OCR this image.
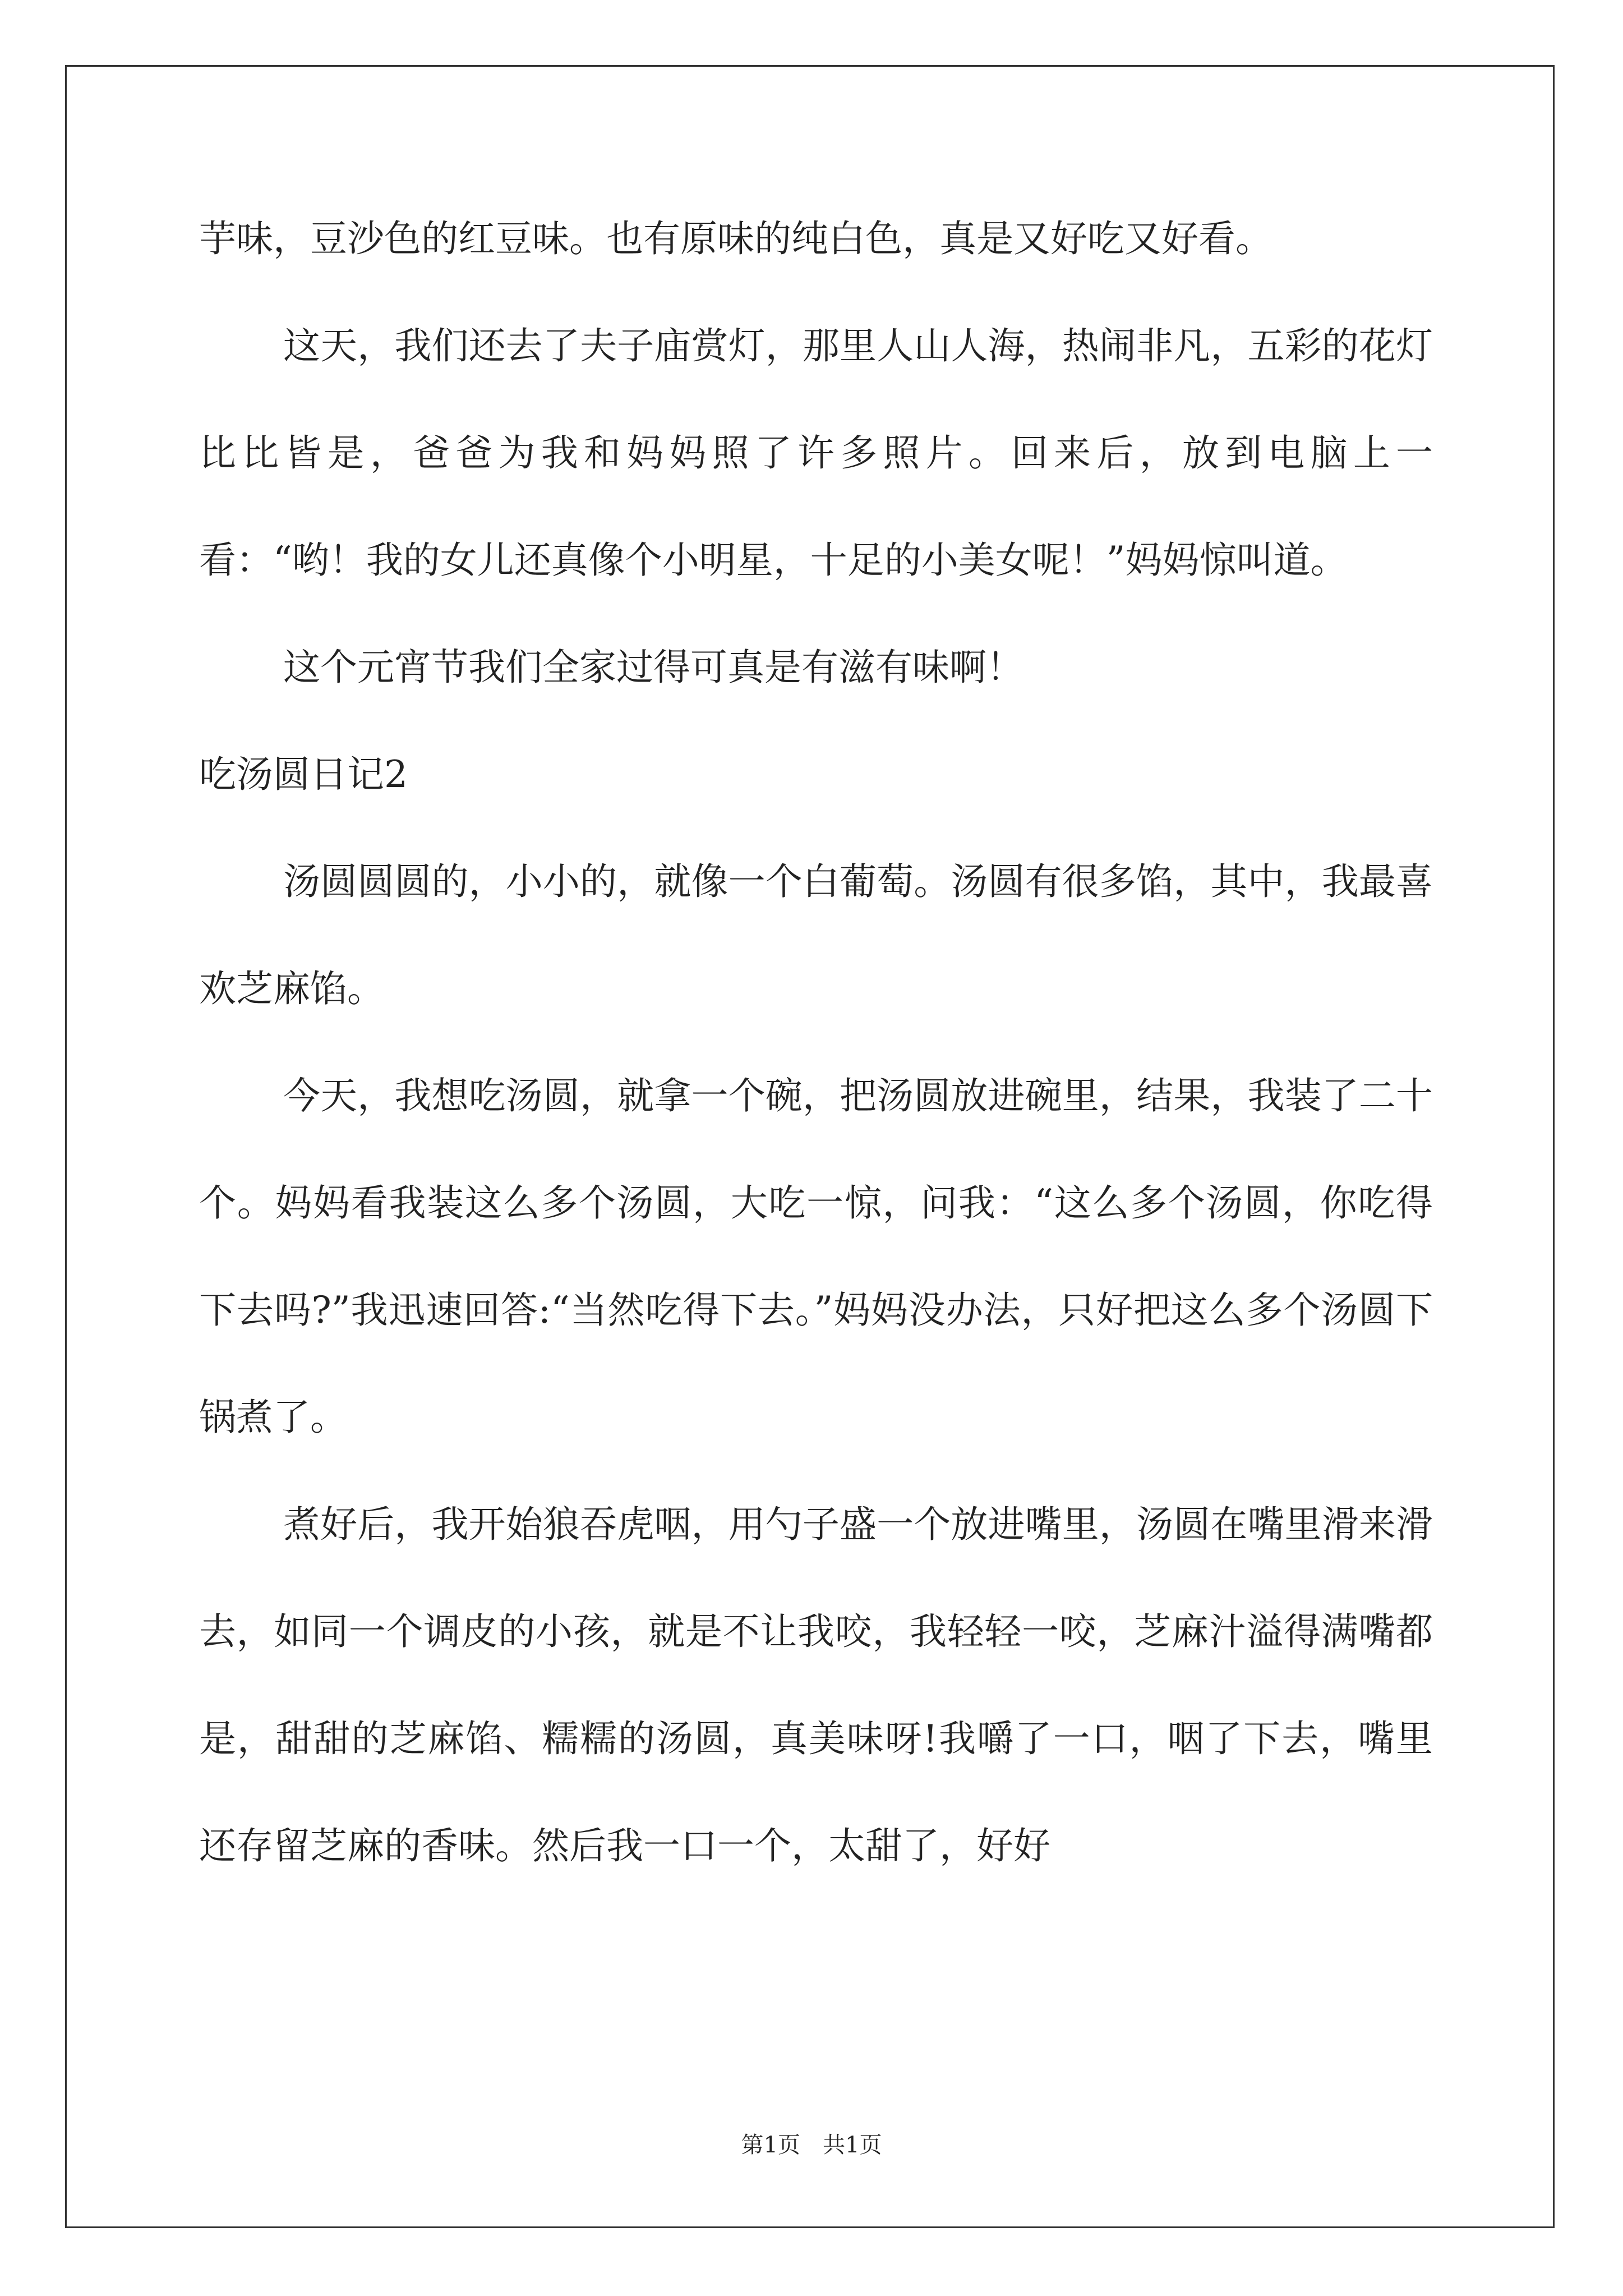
芋味，豆沙色的红豆味。也有原味的纯白色，真是又好吃又好看。

这天，我们还去了夫子庙赏灯，那里人山人海，热闹非凡，五彩的花灯比比皆是，爸爸为我和妈妈照了许多照片。回来后，放到电脑上一看：“哟！我的女儿还真像个小明星，十足的小美女呢！”妈妈惊叫道。

这个元宵节我们全家过得可真是有滋有味啊！

吃汤圆日记2

汤圆圆圆的，小小的，就像一个白葡萄。汤圆有很多馅，其中，我最喜欢芝麻馅。

今天，我想吃汤圆，就拿一个碗，把汤圆放进碗里，结果，我装了二十个。妈妈看我装这么多个汤圆，大吃一惊，问我：“这么多个汤圆，你吃得下去吗?”我迅速回答:“当然吃得下去。”妈妈没办法，只好把这么多个汤圆下锅煮了。

煮好后，我开始狼吞虎咽，用勺子盛一个放进嘴里，汤圆在嘴里滑来滑去，如同一个调皮的小孩，就是不让我咬，我轻轻一咬，芝麻汁溢得满嘴都是，甜甜的芝麻馅、糯糯的汤圆，真美味呀!我嚼了一口，咽了下去，嘴里还存留芝麻的香味。然后我一口一个，太甜了，好好

第1页　共1页
